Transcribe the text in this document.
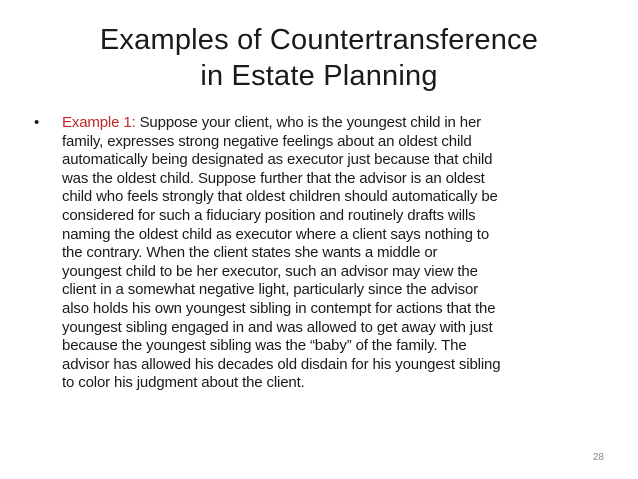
Examples of Countertransference
in Estate Planning
•	Example 1: Suppose your client, who is the youngest child in her
family, expresses strong negative feelings about an oldest child
automatically being designated as executor just because that child
was the oldest child. Suppose further that the advisor is an oldest
child who feels strongly that oldest children should automatically be
considered for such a fiduciary position and routinely drafts wills
naming the oldest child as executor where a client says nothing to
the contrary. When the client states she wants a middle or
youngest child to be her executor, such an advisor may view the
client in a somewhat negative light, particularly since the advisor
also holds his own youngest sibling in contempt for actions that the
youngest sibling engaged in and was allowed to get away with just
because the youngest sibling was the “baby” of the family. The
advisor has allowed his decades old disdain for his youngest sibling
to color his judgment about the client.
28
